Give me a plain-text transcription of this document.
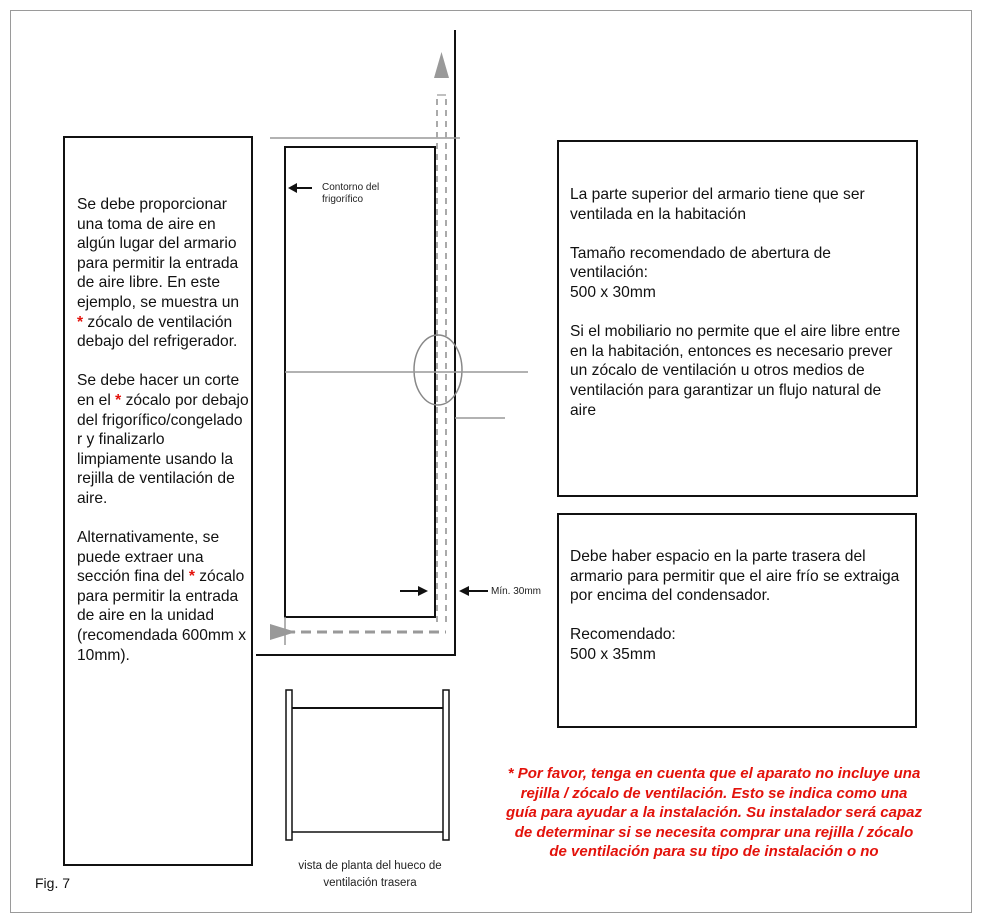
Se debe proporcionar una toma de aire en algún lugar del armario para permitir la entrada de aire libre. En este ejemplo, se muestra un * zócalo de ventilación debajo del refrigerador.

Se debe hacer un corte en el * zócalo por debajo del frigorífico/congelado r y finalizarlo limpiamente usando la rejilla de ventilación de aire.

Alternativamente, se puede extraer una sección fina del * zócalo para permitir la entrada de aire en la unidad (recomendada 600mm x 10mm).

La parte superior del armario tiene que ser ventilada en la habitación

Tamaño recomendado de abertura de ventilación:

500 x 30mm

Si el mobiliario no permite que el aire libre entre en la habitación, entonces es necesario prever un zócalo de ventilación u otros medios de ventilación para garantizar un flujo natural de aire

Debe haber espacio en la parte trasera del armario para permitir que el aire frío se extraiga por encima del condensador.

Recomendado:

500 x 35mm

Contorno del frigorífico
Mín. 30mm
vista de planta del hueco de ventilación trasera
* Por favor, tenga en cuenta que el aparato no incluye una rejilla / zócalo de ventilación. Esto se indica como una guía para ayudar a la instalación. Su instalador será capaz de determinar si se necesita comprar una rejilla / zócalo de ventilación para su tipo de instalación o no
Fig. 7
